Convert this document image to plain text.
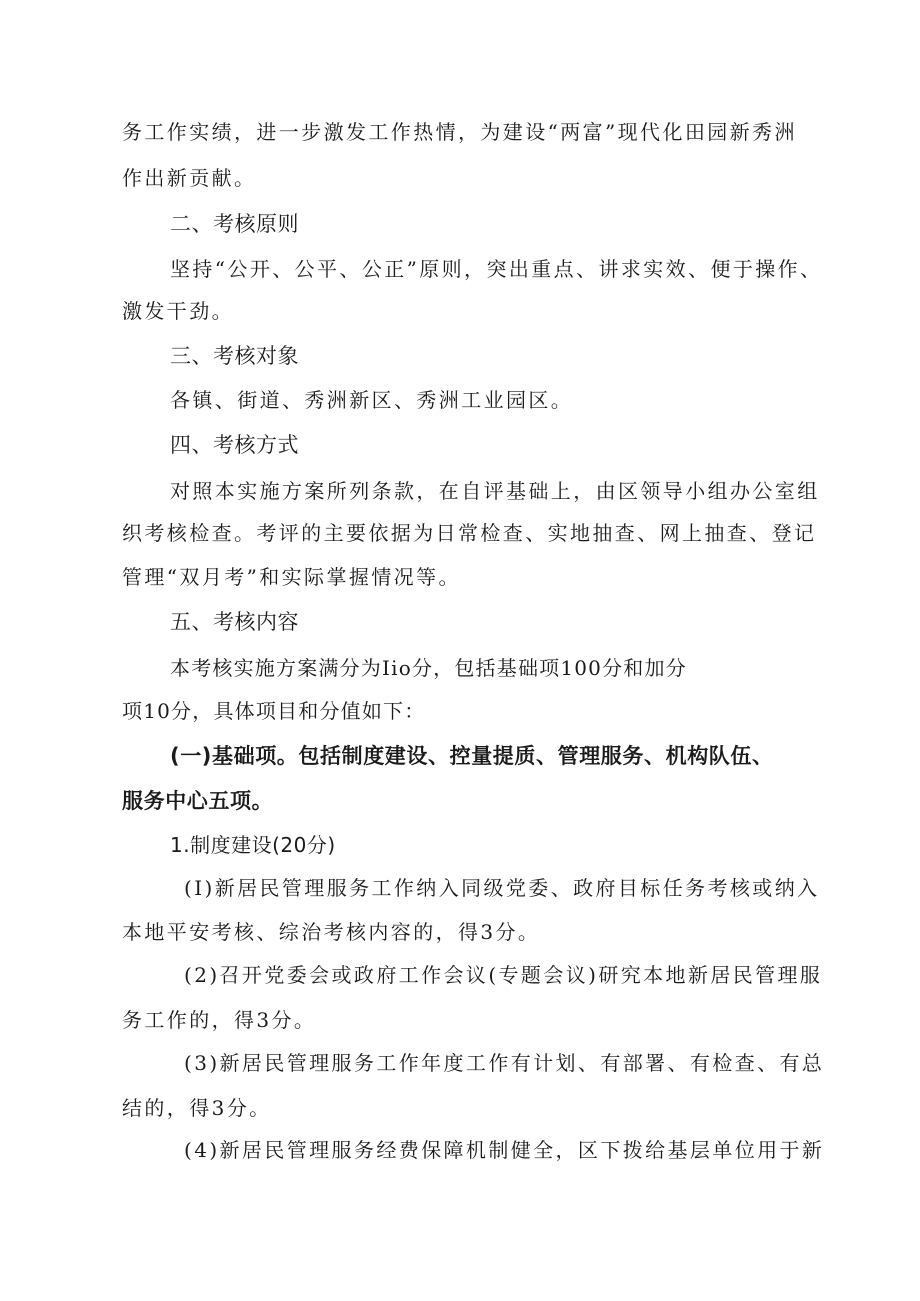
务工作实绩，进一步激发工作热情，为建设“两富”现代化田园新秀洲
作出新贡献。
二、考核原则
坚持“公开、公平、公正”原则，突出重点、讲求实效、便于操作、
激发干劲。
三、考核对象
各镇、街道、秀洲新区、秀洲工业园区。
四、考核方式
对照本实施方案所列条款，在自评基础上，由区领导小组办公室组
织考核检查。考评的主要依据为日常检查、实地抽查、网上抽查、登记
管理“双月考”和实际掌握情况等。
五、考核内容
本考核实施方案满分为Iio分，包括基础项100分和加分
项10分，具体项目和分值如下：
(一)基础项。包括制度建设、控量提质、管理服务、机构队伍、
服务中心五项。
1.制度建设(20分)
(I)新居民管理服务工作纳入同级党委、政府目标任务考核或纳入
本地平安考核、综治考核内容的，得3分。
(2)召开党委会或政府工作会议(专题会议)研究本地新居民管理服
务工作的，得3分。
(3)新居民管理服务工作年度工作有计划、有部署、有检查、有总
结的，得3分。
(4)新居民管理服务经费保障机制健全，区下拨给基层单位用于新
